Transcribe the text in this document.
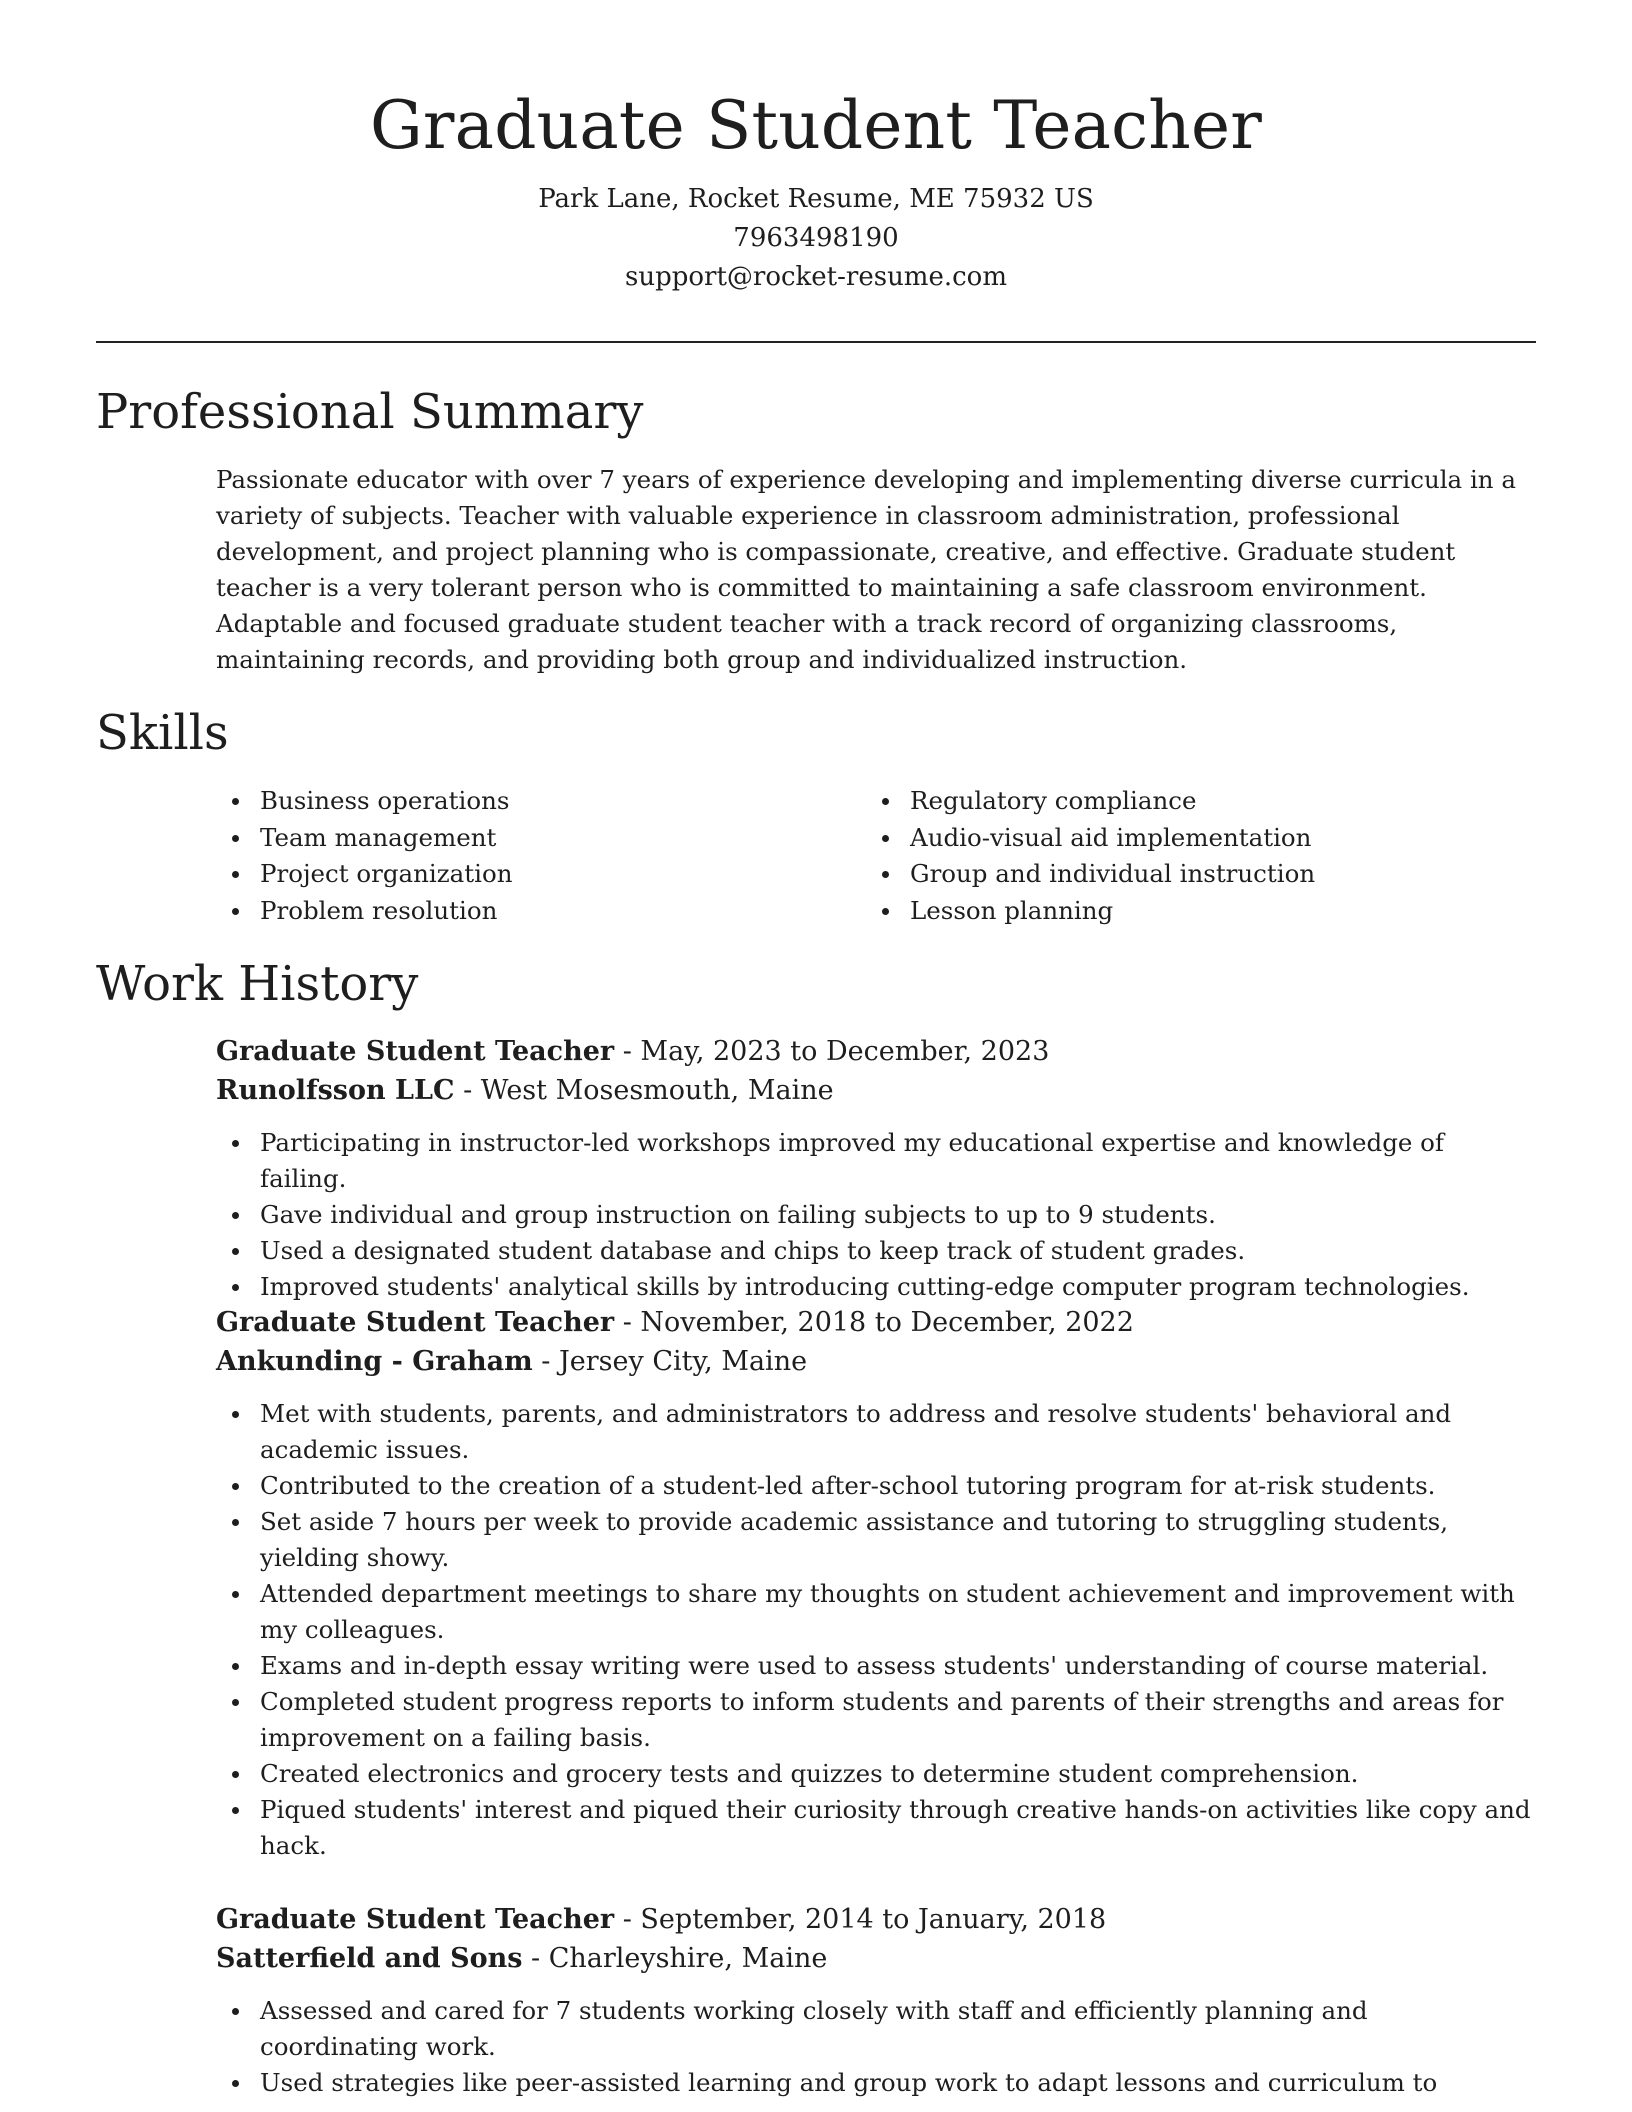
Graduate Student Teacher

Park Lane, Rocket Resume, ME 75932 US

7963498190

support@rocket-resume.com

Professional Summary

Passionate educator with over 7 years of experience developing and implementing diverse curricula in a variety of subjects. Teacher with valuable experience in classroom administration, professional development, and project planning who is compassionate, creative, and effective. Graduate student teacher is a very tolerant person who is committed to maintaining a safe classroom environment. Adaptable and focused graduate student teacher with a track record of organizing classrooms, maintaining records, and providing both group and individualized instruction.

Skills
Business operations
Team management
Project organization
Problem resolution
Regulatory compliance
Audio-visual aid implementation
Group and individual instruction
Lesson planning
Work History

Graduate Student Teacher - May, 2023 to December, 2023

Runolfsson LLC - West Mosesmouth, Maine

Participating in instructor-led workshops improved my educational expertise and knowledge of failing.
Gave individual and group instruction on failing subjects to up to 9 students.
Used a designated student database and chips to keep track of student grades.
Improved students' analytical skills by introducing cutting-edge computer program technologies.

Graduate Student Teacher - November, 2018 to December, 2022

Ankunding - Graham - Jersey City, Maine

Met with students, parents, and administrators to address and resolve students' behavioral and academic issues.
Contributed to the creation of a student-led after-school tutoring program for at-risk students.
Set aside 7 hours per week to provide academic assistance and tutoring to struggling students, yielding showy.
Attended department meetings to share my thoughts on student achievement and improvement with my colleagues.
Exams and in-depth essay writing were used to assess students' understanding of course material.
Completed student progress reports to inform students and parents of their strengths and areas for improvement on a failing basis.
Created electronics and grocery tests and quizzes to determine student comprehension.
Piqued students' interest and piqued their curiosity through creative hands-on activities like copy and hack.

Graduate Student Teacher - September, 2014 to January, 2018

Satterfield and Sons - Charleyshire, Maine

Assessed and cared for 7 students working closely with staff and efficiently planning and coordinating work.
Used strategies like peer-assisted learning and group work to adapt lessons and curriculum to
